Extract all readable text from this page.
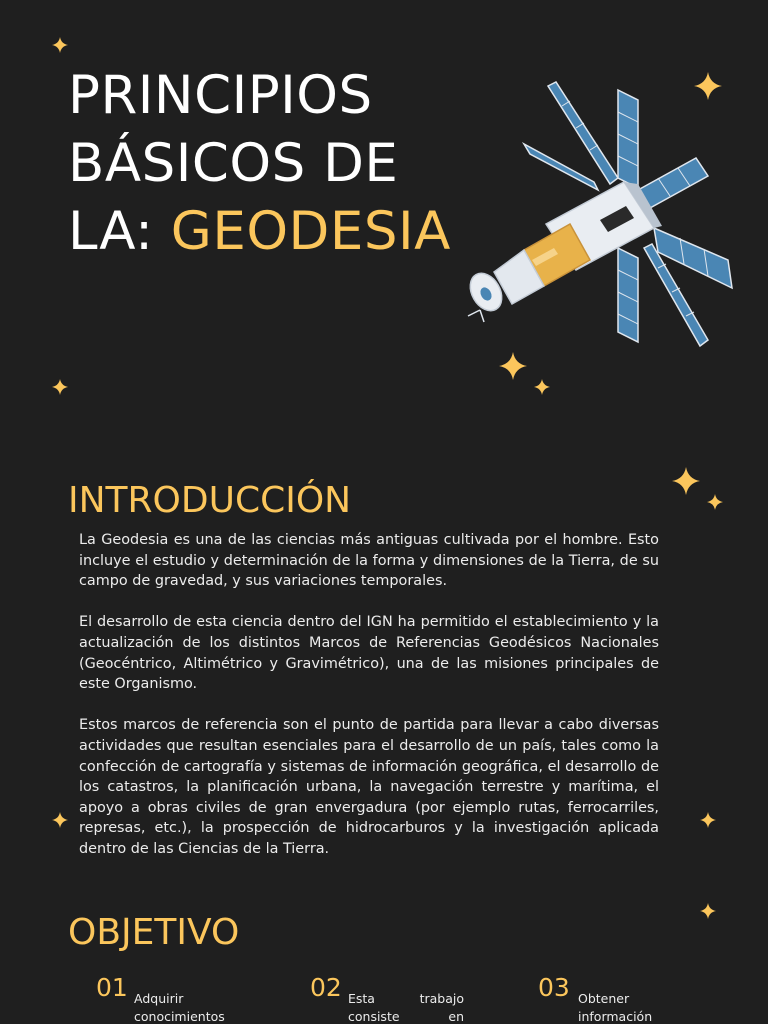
PRINCIPIOS
BÁSICOS DE
LA: GEODESIA
INTRODUCCIÓN

La Geodesia es una de las ciencias más antiguas cultivada por el hombre. Esto incluye el estudio y determinación de la forma y dimensiones de la Tierra, de su campo de gravedad, y sus variaciones temporales.

El desarrollo de esta ciencia dentro del IGN ha permitido el establecimiento y la actualización de los distintos Marcos de Referencias Geodésicos Nacionales (Geocéntrico, Altimétrico y Gravimétrico), una de las misiones principales de este Organismo.

Estos marcos de referencia son el punto de partida para llevar a cabo diversas actividades que resultan esenciales para el desarrollo de un país, tales como la confección de cartografía y sistemas de información geográfica, el desarrollo de los catastros, la planificación urbana, la navegación terrestre y marítima, el apoyo a obras civiles de gran envergadura (por ejemplo rutas, ferrocarriles, represas, etc.), la prospección de hidrocarburos y la investigación aplicada dentro de las Ciencias de la Tierra.

OBJETIVO
01 Adquirir conocimientos
02 Esta trabajo consiste en
03 Obtener información
